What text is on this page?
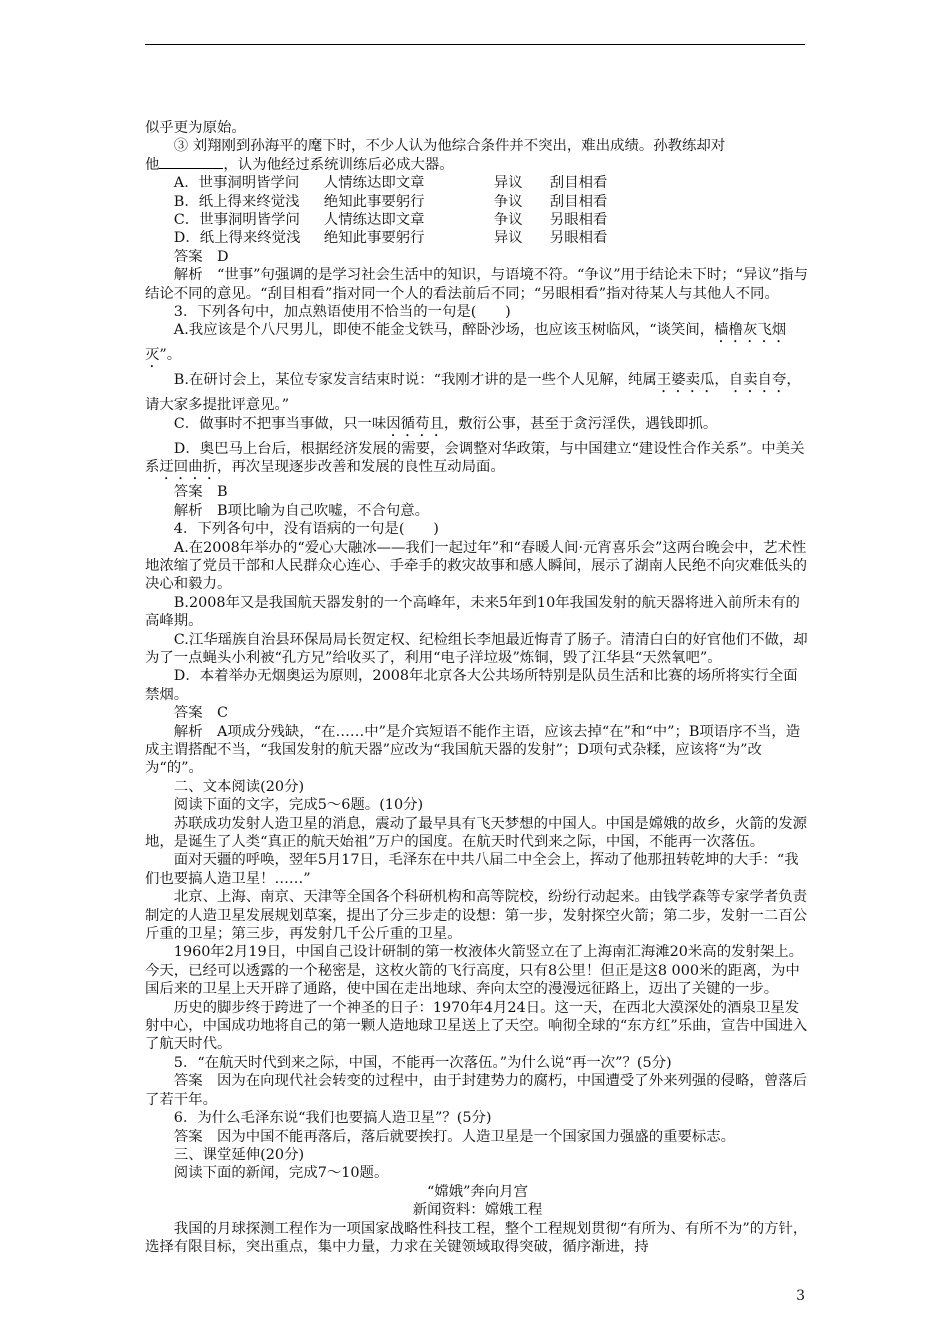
似乎更为原始。

③ 刘翔刚到孙海平的麾下时，不少人认为他综合条件并不突出，难出成绩。孙教练却对

他	，认为他经过系统训练后必成大器。

A．世事洞明皆学问	人情练达即文章	异议	刮目相看
B．纸上得来终觉浅	绝知此事要躬行	争议	刮目相看
C．世事洞明皆学问	人情练达即文章	争议	另眼相看
D．纸上得来终觉浅	绝知此事要躬行	异议	另眼相看

答案　D

解析　“世事”句强调的是学习社会生活中的知识，与语境不符。“争议”用于结论未下时；“异议”指与结论不同的意见。“刮目相看”指对同一个人的看法前后不同；“另眼相看”指对待某人与其他人不同。

3．下列各句中，加点熟语使用不恰当的一句是(　　)

A.我应该是个八尺男儿，即使不能金戈铁马，醉卧沙场，也应该玉树临风，“谈笑间，樯橹灰飞烟灭”。

B.在研讨会上，某位专家发言结束时说：“我刚才讲的是一些个人见解，纯属王婆卖瓜，自卖自夸，请大家多提批评意见。”

C．做事时不把事当事做，只一味因循苟且，敷衍公事，甚至于贪污淫佚，遇钱即抓。

D．奥巴马上台后，根据经济发展的需要，会调整对华政策，与中国建立“建设性合作关系”。中美关系迂回曲折，再次呈现逐步改善和发展的良性互动局面。

答案　B

解析　B项比喻为自己吹嘘，不合句意。

4．下列各句中，没有语病的一句是(　　)

A.在2008年举办的“爱心大融冰——我们一起过年”和“春暖人间·元宵喜乐会”这两台晚会中，艺术性地浓缩了党员干部和人民群众心连心、手牵手的救灾故事和感人瞬间，展示了湖南人民绝不向灾难低头的决心和毅力。

B.2008年又是我国航天器发射的一个高峰年，未来5年到10年我国发射的航天器将进入前所未有的高峰期。

C.江华瑶族自治县环保局局长贺定权、纪检组长李旭最近悔青了肠子。清清白白的好官他们不做，却为了一点蝇头小利被“孔方兄”给收买了，利用“电子洋垃圾”炼铜，毁了江华县“天然氧吧”。

D．本着举办无烟奥运为原则，2008年北京各大公共场所特别是队员生活和比赛的场所将实行全面禁烟。

答案　C

解析　A项成分残缺，“在……中”是介宾短语不能作主语，应该去掉“在”和“中”；B项语序不当，造成主谓搭配不当，“我国发射的航天器”应改为“我国航天器的发射”；D项句式杂糅，应该将“为”改为“的”。

二、文本阅读(20分)

阅读下面的文字，完成5～6题。(10分)

苏联成功发射人造卫星的消息，震动了最早具有飞天梦想的中国人。中国是嫦娥的故乡，火箭的发源地，是诞生了人类“真正的航天始祖”万户的国度。在航天时代到来之际，中国，不能再一次落伍。

面对天疆的呼唤，翌年5月17日，毛泽东在中共八届二中全会上，挥动了他那扭转乾坤的大手：“我们也要搞人造卫星！……”

北京、上海、南京、天津等全国各个科研机构和高等院校，纷纷行动起来。由钱学森等专家学者负责制定的人造卫星发展规划草案，提出了分三步走的设想：第一步，发射探空火箭；第二步，发射一二百公斤重的卫星；第三步，再发射几千公斤重的卫星。

1960年2月19日，中国自己设计研制的第一枚液体火箭竖立在了上海南汇海滩20米高的发射架上。今天，已经可以透露的一个秘密是，这枚火箭的飞行高度，只有8公里！但正是这8 000米的距离，为中国后来的卫星上天开辟了通路，使中国在走出地球、奔向太空的漫漫远征路上，迈出了关键的一步。

历史的脚步终于跨进了一个神圣的日子：1970年4月24日。这一天，在西北大漠深处的酒泉卫星发射中心，中国成功地将自己的第一颗人造地球卫星送上了天空。响彻全球的“东方红”乐曲，宣告中国进入了航天时代。

5．“在航天时代到来之际，中国，不能再一次落伍。”为什么说“再一次”？(5分)

答案　因为在向现代社会转变的过程中，由于封建势力的腐朽，中国遭受了外来列强的侵略，曾落后了若干年。

6．为什么毛泽东说“我们也要搞人造卫星”？(5分)

答案　因为中国不能再落后，落后就要挨打。人造卫星是一个国家国力强盛的重要标志。

三、课堂延伸(20分)

阅读下面的新闻，完成7～10题。

“嫦娥”奔向月宫

新闻资料：嫦娥工程

我国的月球探测工程作为一项国家战略性科技工程，整个工程规划贯彻“有所为、有所不为”的方针，选择有限目标，突出重点，集中力量，力求在关键领域取得突破，循序渐进，持

3
